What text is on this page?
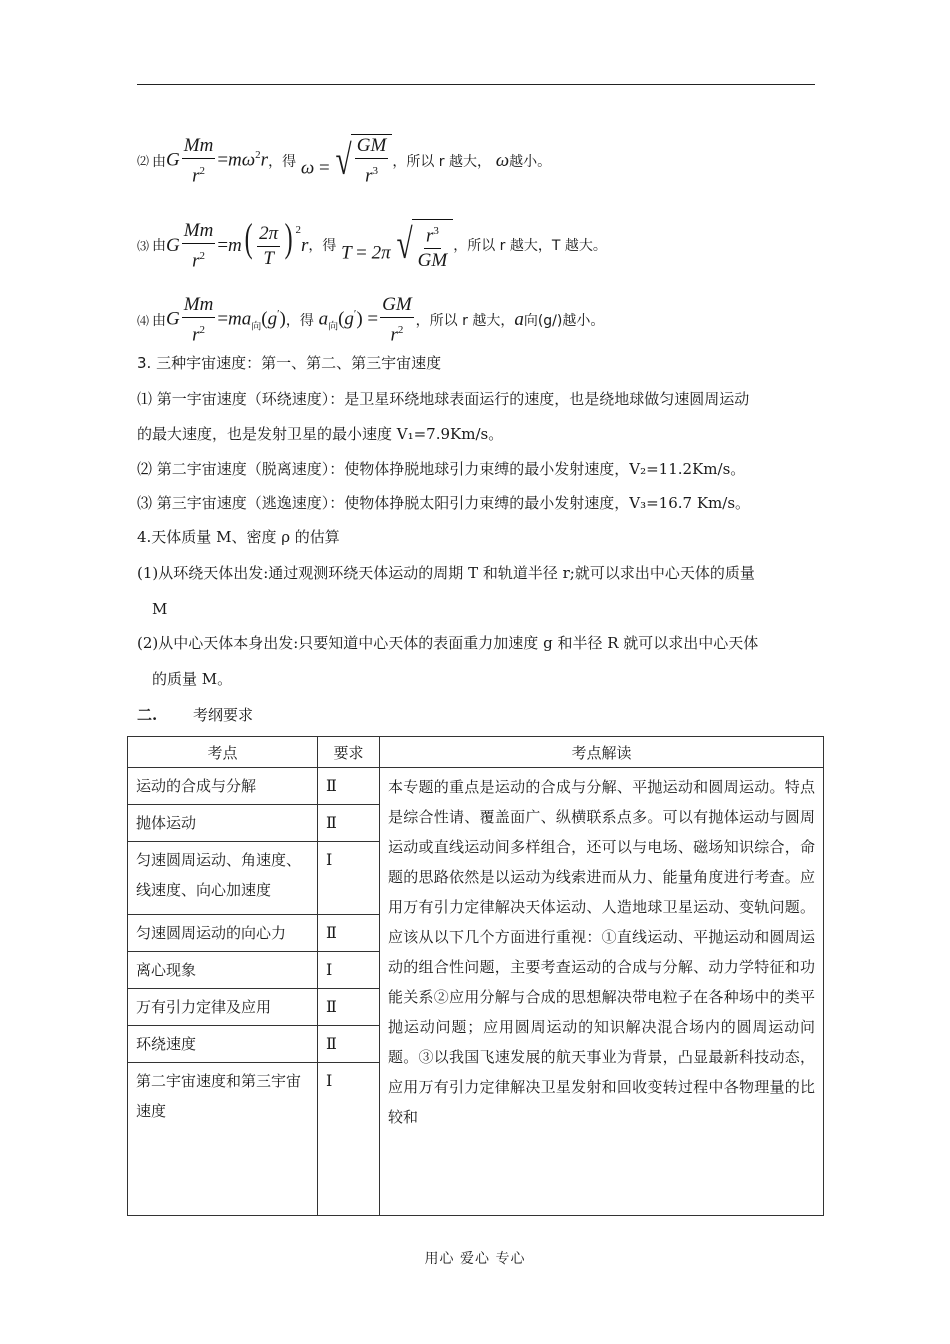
⑵ 由 G $\frac{Mm}{r^2} =m\omega^2r$ ，得 ω = √ $\frac{GM}{r^3}$ ，所以 r 越大， ω 越小。
⑶ 由 G $\frac{Mm}{r^2} =m( \frac{2\pi}{T}$ ) $^2$r ，得 T = 2π √ $\frac{r^3}{GM}$ ，所以 r 越大，T 越大。
⑷ 由 G $\frac{Mm}{r^2} =ma_向(g')$ ，得 $a_向(g') = \frac{GM}{r^2}$ ，所以 r 越大， a 向(g/)越小。
3. 三种宇宙速度：第一、第二、第三宇宙速度
⑴ 第一宇宙速度（环绕速度）：是卫星环绕地球表面运行的速度，也是绕地球做匀速圆周运动
的最大速度，也是发射卫星的最小速度 V₁=7.9Km/s。
⑵ 第二宇宙速度（脱离速度）：使物体挣脱地球引力束缚的最小发射速度，V₂=11.2Km/s。
⑶ 第三宇宙速度（逃逸速度）：使物体挣脱太阳引力束缚的最小发射速度，V₃=16.7 Km/s。
4.天体质量 M、密度 ρ 的估算
(1)从环绕天体出发:通过观测环绕天体运动的周期 T 和轨道半径 r;就可以求出中心天体的质量
M
(2)从中心天体本身出发:只要知道中心天体的表面重力加速度 g 和半径 R 就可以求出中心天体
的质量 M。
二. 考纲要求
考点	要求	考点解读
运动的合成与分解	Ⅱ	本专题的重点是运动的合成与分解、平抛运动和圆周运动。特点是综合性请、覆盖面广、纵横联系点多。可以有抛体运动与圆周运动或直线运动间多样组合，还可以与电场、磁场知识综合，命题的思路依然是以运动为线索进而从力、能量角度进行考查。应用万有引力定律解决天体运动、人造地球卫星运动、变轨问题。应该从以下几个方面进行重视：①直线运动、平抛运动和圆周运动的组合性问题，主要考查运动的合成与分解、动力学特征和功能关系②应用分解与合成的思想解决带电粒子在各种场中的类平抛运动问题；应用圆周运动的知识解决混合场内的圆周运动问题。③以我国飞速发展的航天事业为背景，凸显最新科技动态，应用万有引力定律解决卫星发射和回收变转过程中各物理量的比较和
抛体运动	Ⅱ	
匀速圆周运动、角速度、线速度、向心加速度	Ⅰ	
匀速圆周运动的向心力	Ⅱ	
离心现象	Ⅰ	
万有引力定律及应用	Ⅱ	
环绕速度	Ⅱ	
第二宇宙速度和第三宇宙速度	Ⅰ	
用心 爱心 专心
